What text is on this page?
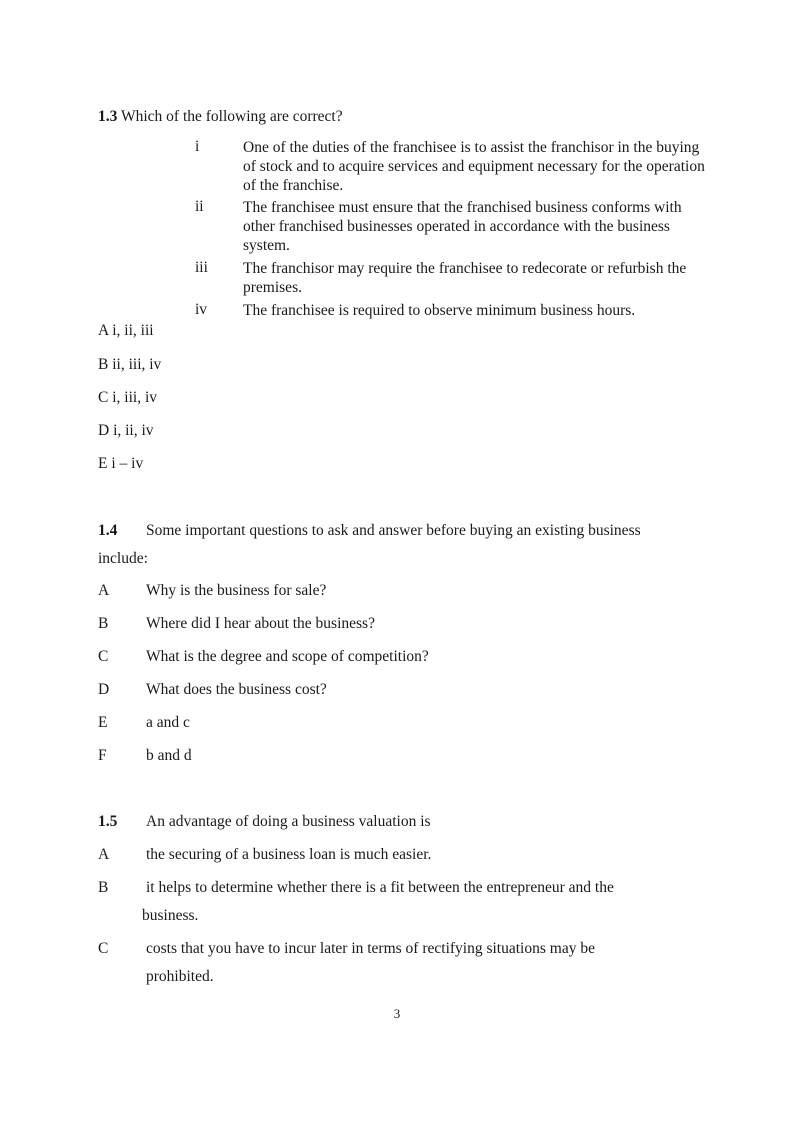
1.3 Which of the following are correct?
i	One of the duties of the franchisee is to assist the franchisor in the buying of stock and to acquire services and equipment necessary for the operation of the franchise.
ii	The franchisee must ensure that the franchised business conforms with other franchised businesses operated in accordance with the business system.
iii The franchisor may require the franchisee to redecorate or refurbish the premises.
iv The franchisee is required to observe minimum business hours.
A i, ii, iii
B ii, iii, iv
C i, iii, iv
D i, ii, iv
E i – iv
1.4 Some important questions to ask and answer before buying an existing business
include:
A Why is the business for sale?
B Where did I hear about the business?
C What is the degree and scope of competition?
D What does the business cost?
E a and c
F	b and d
1.5 An advantage of doing a business valuation is
A the securing of a business loan is much easier.
B it helps to determine whether there is a fit between the entrepreneur and the
business.
C costs that you have to incur later in terms of rectifying situations may be
prohibited.
3
